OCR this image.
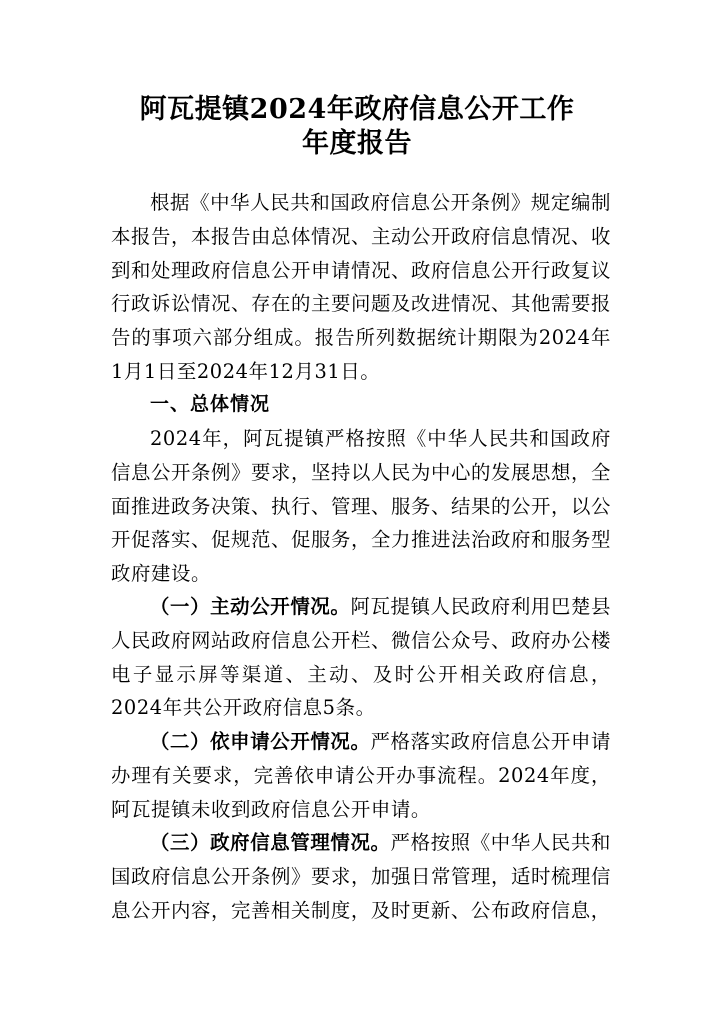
阿瓦提镇2024年政府信息公开工作
年度报告

根据《中华人民共和国政府信息公开条例》规定编制本报告，本报告由总体情况、主动公开政府信息情况、收到和处理政府信息公开申请情况、政府信息公开行政复议行政诉讼情况、存在的主要问题及改进情况、其他需要报告的事项六部分组成。报告所列数据统计期限为2024年1月1日至2024年12月31日。

一、总体情况

2024年，阿瓦提镇严格按照《中华人民共和国政府信息公开条例》要求，坚持以人民为中心的发展思想，全面推进政务决策、执行、管理、服务、结果的公开，以公开促落实、促规范、促服务，全力推进法治政府和服务型政府建设。

（一）主动公开情况。阿瓦提镇人民政府利用巴楚县人民政府网站政府信息公开栏、微信公众号、政府办公楼电子显示屏等渠道、主动、及时公开相关政府信息，2024年共公开政府信息5条。

（二）依申请公开情况。严格落实政府信息公开申请办理有关要求，完善依申请公开办事流程。2024年度，阿瓦提镇未收到政府信息公开申请。

（三）政府信息管理情况。严格按照《中华人民共和国政府信息公开条例》要求，加强日常管理，适时梳理信息公开内容，完善相关制度，及时更新、公布政府信息，
